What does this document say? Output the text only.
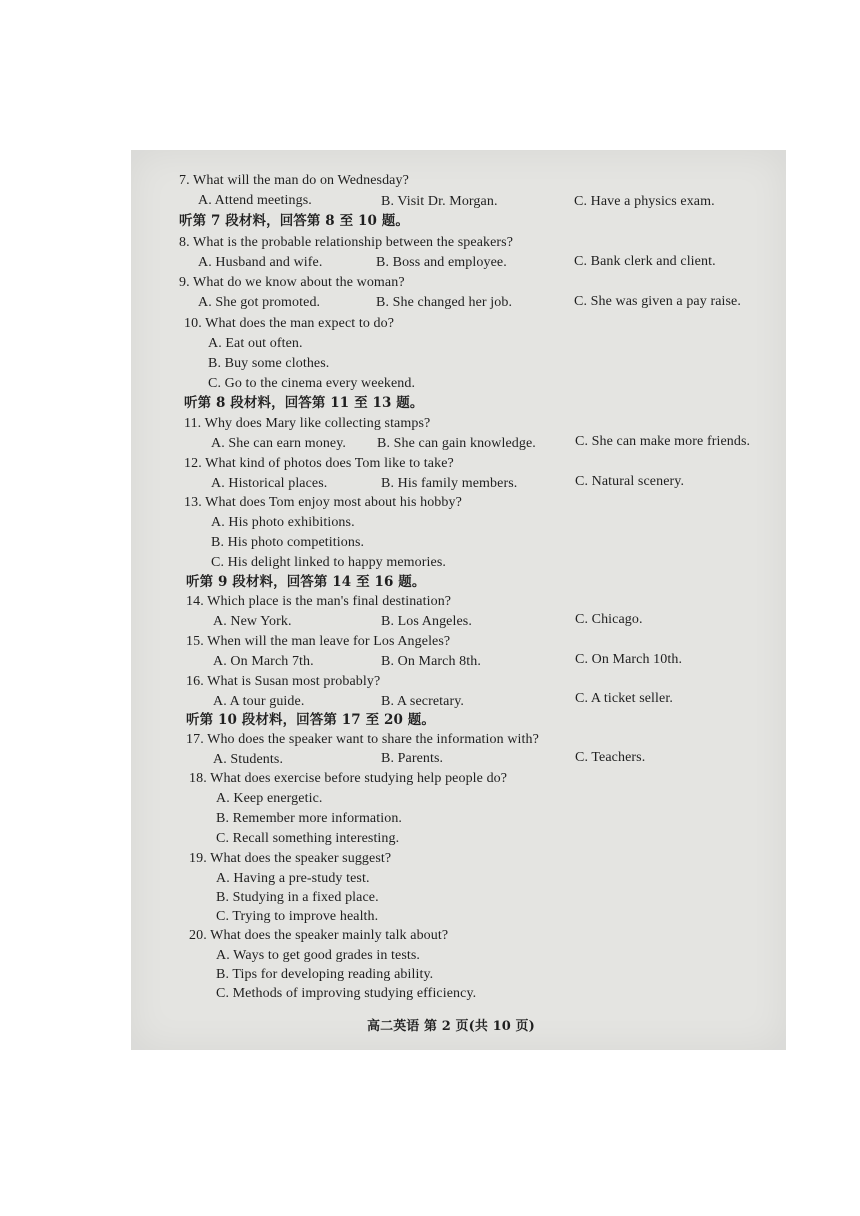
7. What will the man do on Wednesday?
A. Attend meetings.	B. Visit Dr. Morgan.	C. Have a physics exam.
听第 7 段材料，回答第 8 至 10 题。
8. What is the probable relationship between the speakers?
A. Husband and wife.	B. Boss and employee.	C. Bank clerk and client.
9. What do we know about the woman?
A. She got promoted.	B. She changed her job.	C. She was given a pay raise.
10. What does the man expect to do?
A. Eat out often.
B. Buy some clothes.
C. Go to the cinema every weekend.
听第 8 段材料，回答第 11 至 13 题。
11. Why does Mary like collecting stamps?
A. She can earn money. B. She can gain knowledge.	C. She can make more friends.
12. What kind of photos does Tom like to take?
A. Historical places.	B. His family members.	C. Natural scenery.
13. What does Tom enjoy most about his hobby?
A. His photo exhibitions.
B. His photo competitions.
C. His delight linked to happy memories.
听第 9 段材料，回答第 14 至 16 题。
14. Which place is the man's final destination?
A. New York.	B. Los Angeles.	C. Chicago.
15. When will the man leave for Los Angeles?
A. On March 7th.	B. On March 8th.	C. On March 10th.
16. What is Susan most probably?
A. A tour guide.	B. A secretary.	C. A ticket seller.
听第 10 段材料，回答第 17 至 20 题。
17. Who does the speaker want to share the information with?
A. Students.	B. Parents.	C. Teachers.
18. What does exercise before studying help people do?
A. Keep energetic.
B. Remember more information.
C. Recall something interesting.
19. What does the speaker suggest?
A. Having a pre-study test.
B. Studying in a fixed place.
C. Trying to improve health.
20. What does the speaker mainly talk about?
A. Ways to get good grades in tests.
B. Tips for developing reading ability.
C. Methods of improving studying efficiency.
高二英语 第 2 页(共 10 页)
